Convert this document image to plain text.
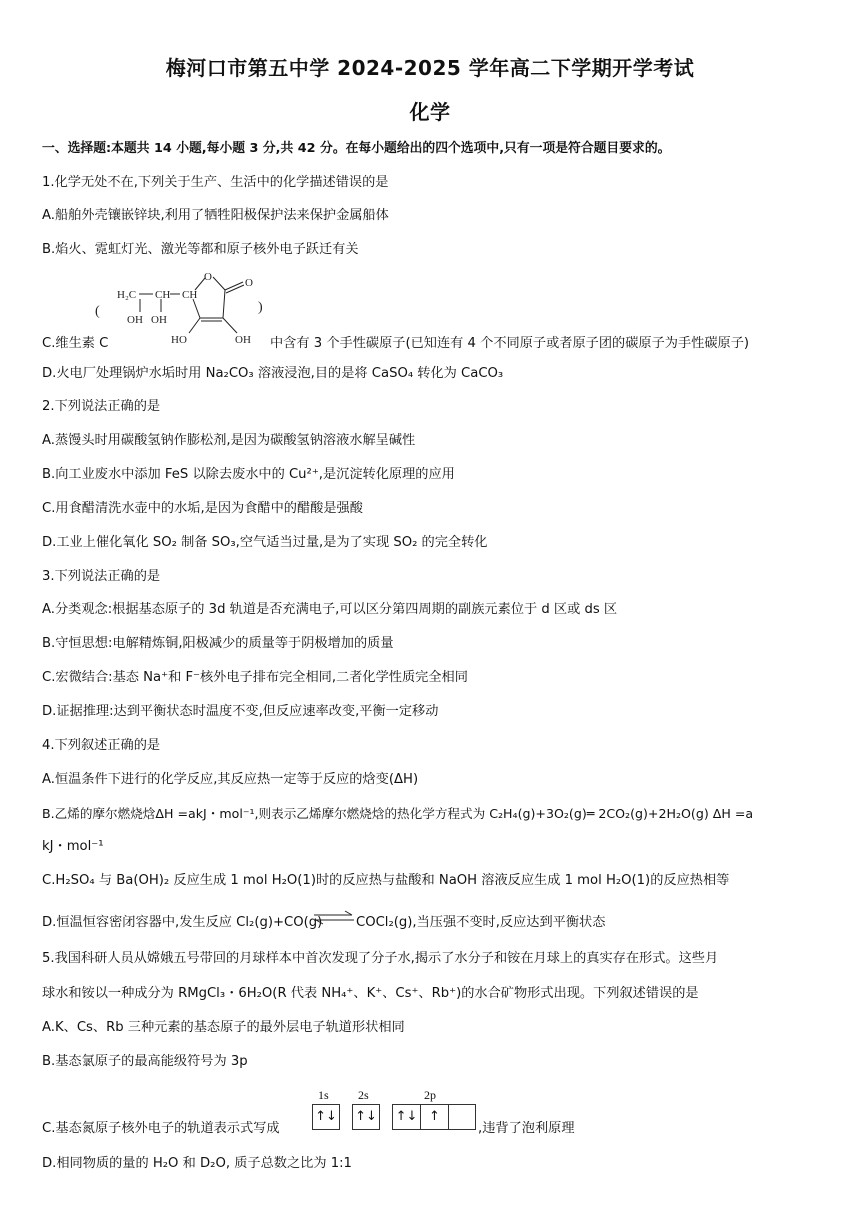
梅河口市第五中学 2024-2025 学年高二下学期开学考试
化学
一、选择题:本题共 14 小题,每小题 3 分,共 42 分。在每小题给出的四个选项中,只有一项是符合题目要求的。
1.化学无处不在,下列关于生产、生活中的化学描述错误的是
A.船舶外壳镶嵌锌块,利用了牺牲阳极保护法来保护金属船体
B.焰火、霓虹灯光、激光等都和原子核外电子跃迁有关
(
H₂C CH CH
O	O
OH OH
HO	OH
)
C.维生素 C	中含有 3 个手性碳原子(已知连有 4 个不同原子或者原子团的碳原子为手性碳原子)
D.火电厂处理锅炉水垢时用 Na₂CO₃ 溶液浸泡,目的是将 CaSO₄ 转化为 CaCO₃
2.下列说法正确的是
A.蒸馒头时用碳酸氢钠作膨松剂,是因为碳酸氢钠溶液水解呈碱性
B.向工业废水中添加 FeS 以除去废水中的 Cu²⁺,是沉淀转化原理的应用
C.用食醋清洗水壶中的水垢,是因为食醋中的醋酸是强酸
D.工业上催化氧化 SO₂ 制备 SO₃,空气适当过量,是为了实现 SO₂ 的完全转化
3.下列说法正确的是
A.分类观念:根据基态原子的 3d 轨道是否充满电子,可以区分第四周期的副族元素位于 d 区或 ds 区
B.守恒思想:电解精炼铜,阳极减少的质量等于阴极增加的质量
C.宏微结合:基态 Na⁺和 F⁻核外电子排布完全相同,二者化学性质完全相同
D.证据推理:达到平衡状态时温度不变,但反应速率改变,平衡一定移动
4.下列叙述正确的是
A.恒温条件下进行的化学反应,其反应热一定等于反应的焓变(ΔH)
B.乙烯的摩尔燃烧焓ΔH =akJ・mol⁻¹,则表示乙烯摩尔燃烧焓的热化学方程式为 C₂H₄(g)+3O₂(g)═ 2CO₂(g)+2H₂O(g) ΔH =a
kJ・mol⁻¹
C.H₂SO₄ 与 Ba(OH)₂ 反应生成 1 mol H₂O(1)时的反应热与盐酸和 NaOH 溶液反应生成 1 mol H₂O(1)的反应热相等
D.恒温恒容密闭容器中,发生反应 Cl₂(g)+CO(g) ⇌ COCl₂(g),当压强不变时,反应达到平衡状态
5.我国科研人员从嫦娥五号带回的月球样本中首次发现了分子水,揭示了水分子和铵在月球上的真实存在形式。这些月
球水和铵以一种成分为 RMgCl₃・6H₂O(R 代表 NH₄⁺、K⁺、Cs⁺、Rb⁺)的水合矿物形式出现。下列叙述错误的是
A.K、Cs、Rb 三种元素的基态原子的最外层电子轨道形状相同
B.基态氯原子的最高能级符号为 3p
C.基态氮原子核外电子的轨道表示式写成
1s 2s	2p
↑↓ ↑↓ ↑↓ ↑
,违背了泡利原理
D.相同物质的量的 H₂O 和 D₂O, 质子总数之比为 1:1
